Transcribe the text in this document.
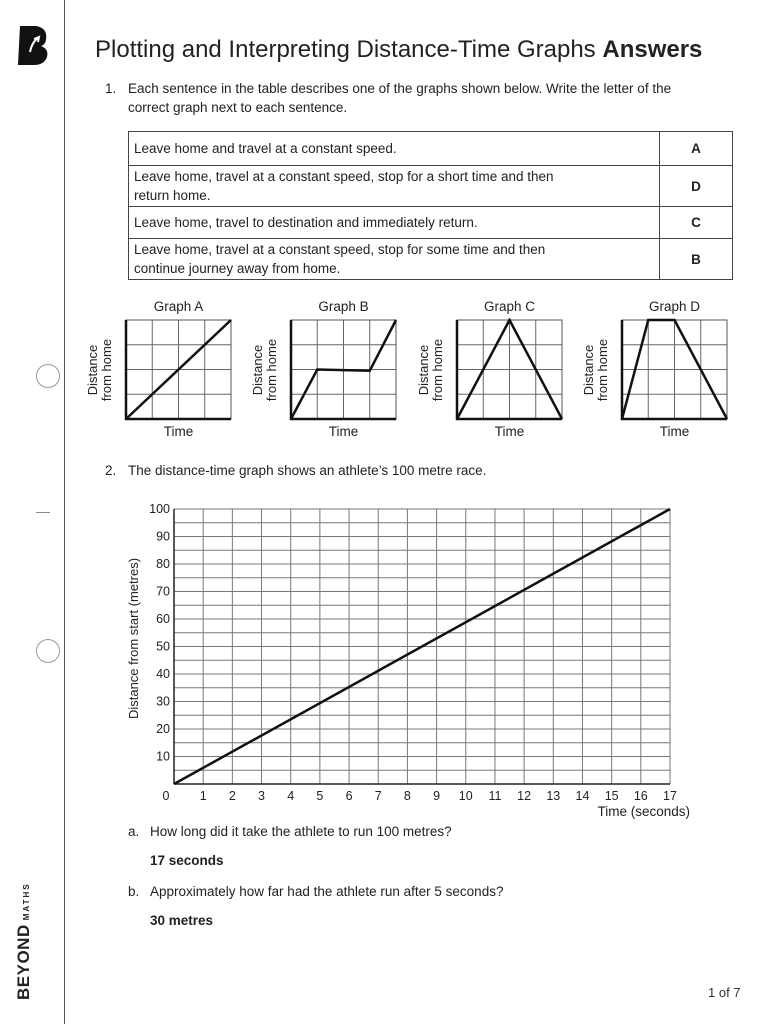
BEYONDMATHS
Plotting and Interpreting Distance-Time Graphs Answers
1. Each sentence in the table describes one of the graphs shown below. Write the letter of the
correct graph next to each sentence.
Leave home and travel at a constant speed.	A
Leave home, travel at a constant speed, stop for a short time and then
return home.	D
Leave home, travel to destination and immediately return.	C
Leave home, travel at a constant speed, stop for some time and then
continue journey away from home.	B
Graph A
Distance
from home
Time
Graph B
Distance
from home
Time
Graph C
Distance
from home
Time
Graph D
Distance
from home
Time
2. The distance-time graph shows an athlete’s 100 metre race.
0 1 2 3 4 5 6 7 8 9 10 11 12 13 14 15 16 17
10
20
30
40
50
60
70
80
90
100
Time (seconds)
Distance from start (metres)
a. How long did it take the athlete to run 100 metres?
17 seconds
b. Approximately how far had the athlete run after 5 seconds?
30 metres
1 of 7
